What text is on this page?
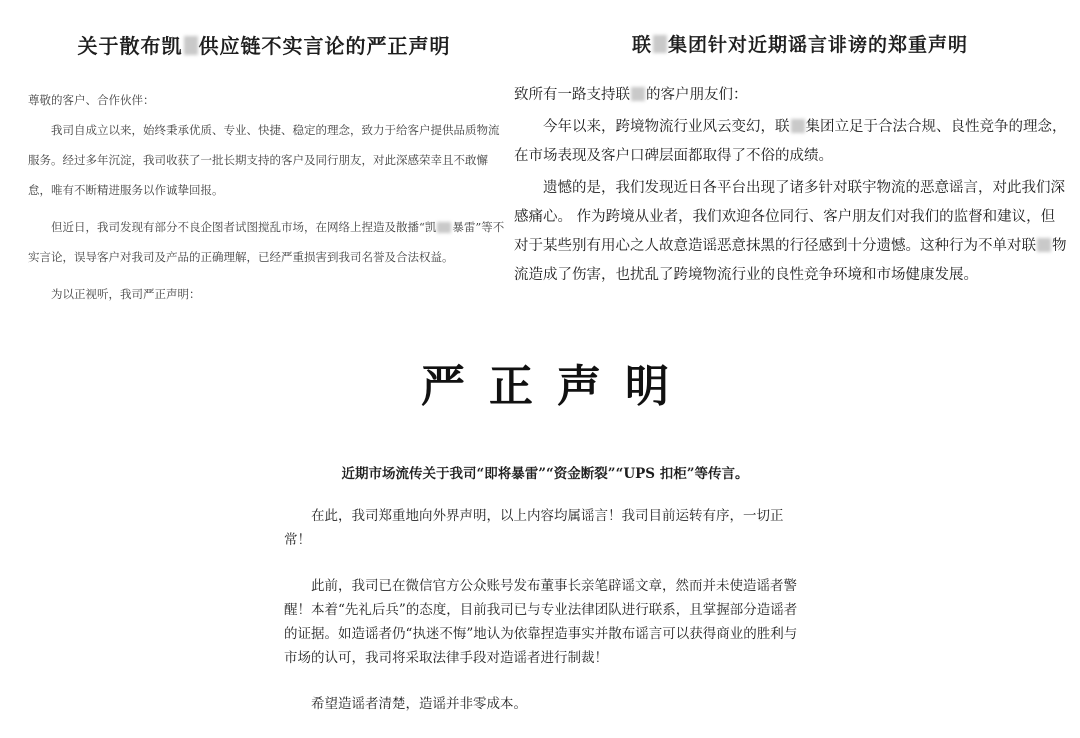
关于散布凯 供应链不实言论的严正声明

尊敬的客户、合作伙伴：

我司自成立以来，始终秉承优质、专业、快捷、稳定的理念，致力于给客户提供品质物流服务。经过多年沉淀，我司收获了一批长期支持的客户及同行朋友，对此深感荣幸且不敢懈怠，唯有不断精进服务以作诚挚回报。

但近日，我司发现有部分不良企图者试图搅乱市场，在网络上捏造及散播“凯 暴雷”等不实言论，误导客户对我司及产品的正确理解，已经严重损害到我司名誉及合法权益。

为以正视听，我司严正声明：

联 集团针对近期谣言诽谤的郑重声明

致所有一路支持联 的客户朋友们：

今年以来，跨境物流行业风云变幻，联 集团立足于合法合规、良性竞争的理念，在市场表现及客户口碑层面都取得了不俗的成绩。

遗憾的是，我们发现近日各平台出现了诸多针对联宇物流的恶意谣言，对此我们深感痛心。 作为跨境从业者，我们欢迎各位同行、客户朋友们对我们的监督和建议，但对于某些别有用心之人故意造谣恶意抹黑的行径感到十分遗憾。这种行为不单对联 物流造成了伤害，也扰乱了跨境物流行业的良性竞争环境和市场健康发展。

严正声明

近期市场流传关于我司“即将暴雷”“资金断裂”“UPS 扣柜”等传言。

在此，我司郑重地向外界声明，以上内容均属谣言！我司目前运转有序，一切正常！

此前，我司已在微信官方公众账号发布董事长亲笔辟谣文章，然而并未使造谣者警醒！本着“先礼后兵”的态度，目前我司已与专业法律团队进行联系，且掌握部分造谣者的证据。如造谣者仍“执迷不悔”地认为依靠捏造事实并散布谣言可以获得商业的胜利与市场的认可，我司将采取法律手段对造谣者进行制裁！

希望造谣者清楚，造谣并非零成本。
